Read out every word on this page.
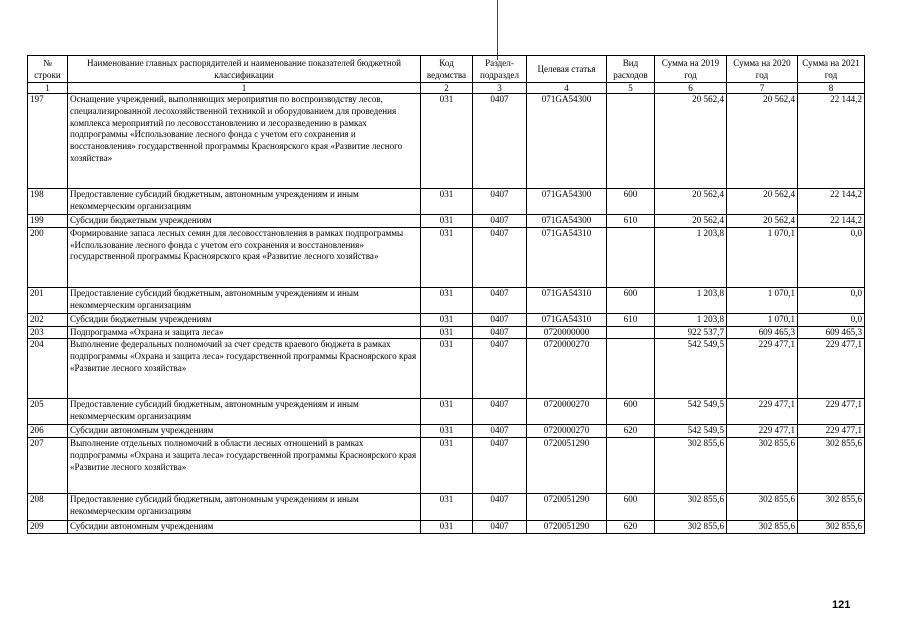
№ строки	Наименование главных распорядителей и наименование показателей бюджетной классификации	Код ведомства	Раздел-подраздел	Целевая статья	Вид расходов	Сумма на 2019 год	Сумма на 2020 год	Сумма на 2021 год
1	1	2	3	4	5	6	7	8
197	Оснащение учреждений, выполняющих мероприятия по воспроизводству лесов, специализированной лесохозяйственной техникой и оборудованием для проведения комплекса мероприятий по лесовосстановлению и лесоразведению в рамках подпрограммы «Использование лесного фонда с учетом его сохранения и восстановления» государственной программы Красноярского края «Развитие лесного хозяйства»	031	0407	071GA54300		20 562,4	20 562,4	22 144,2
198	Предоставление субсидий бюджетным, автономным учреждениям и иным некоммерческим организациям	031	0407	071GA54300	600	20 562,4	20 562,4	22 144,2
199	Субсидии бюджетным учреждениям	031	0407	071GA54300	610	20 562,4	20 562,4	22 144,2
200	Формирование запаса лесных семян для лесовосстановления в рамках подпрограммы «Использование лесного фонда с учетом его сохранения и восстановления» государственной программы Красноярского края «Развитие лесного хозяйства»	031	0407	071GA54310		1 203,8	1 070,1	0,0
201	Предоставление субсидий бюджетным, автономным учреждениям и иным некоммерческим организациям	031	0407	071GA54310	600	1 203,8	1 070,1	0,0
202	Субсидии бюджетным учреждениям	031	0407	071GA54310	610	1 203,8	1 070,1	0,0
203	Подпрограмма «Охрана и защита леса»	031	0407	0720000000		922 537,7	609 465,3	609 465,3
204	Выполнение федеральных полномочий за счет средств краевого бюджета в рамках подпрограммы «Охрана и защита леса» государственной программы Красноярского края «Развитие лесного хозяйства»	031	0407	0720000270		542 549,5	229 477,1	229 477,1
205	Предоставление субсидий бюджетным, автономным учреждениям и иным некоммерческим организациям	031	0407	0720000270	600	542 549,5	229 477,1	229 477,1
206	Субсидии автономным учреждениям	031	0407	0720000270	620	542 549,5	229 477,1	229 477,1
207	Выполнение отдельных полномочий в области лесных отношений в рамках подпрограммы «Охрана и защита леса» государственной программы Красноярского края «Развитие лесного хозяйства»	031	0407	0720051290		302 855,6	302 855,6	302 855,6
208	Предоставление субсидий бюджетным, автономным учреждениям и иным некоммерческим организациям	031	0407	0720051290	600	302 855,6	302 855,6	302 855,6
209	Субсидии автономным учреждениям	031	0407	0720051290	620	302 855,6	302 855,6	302 855,6
121
